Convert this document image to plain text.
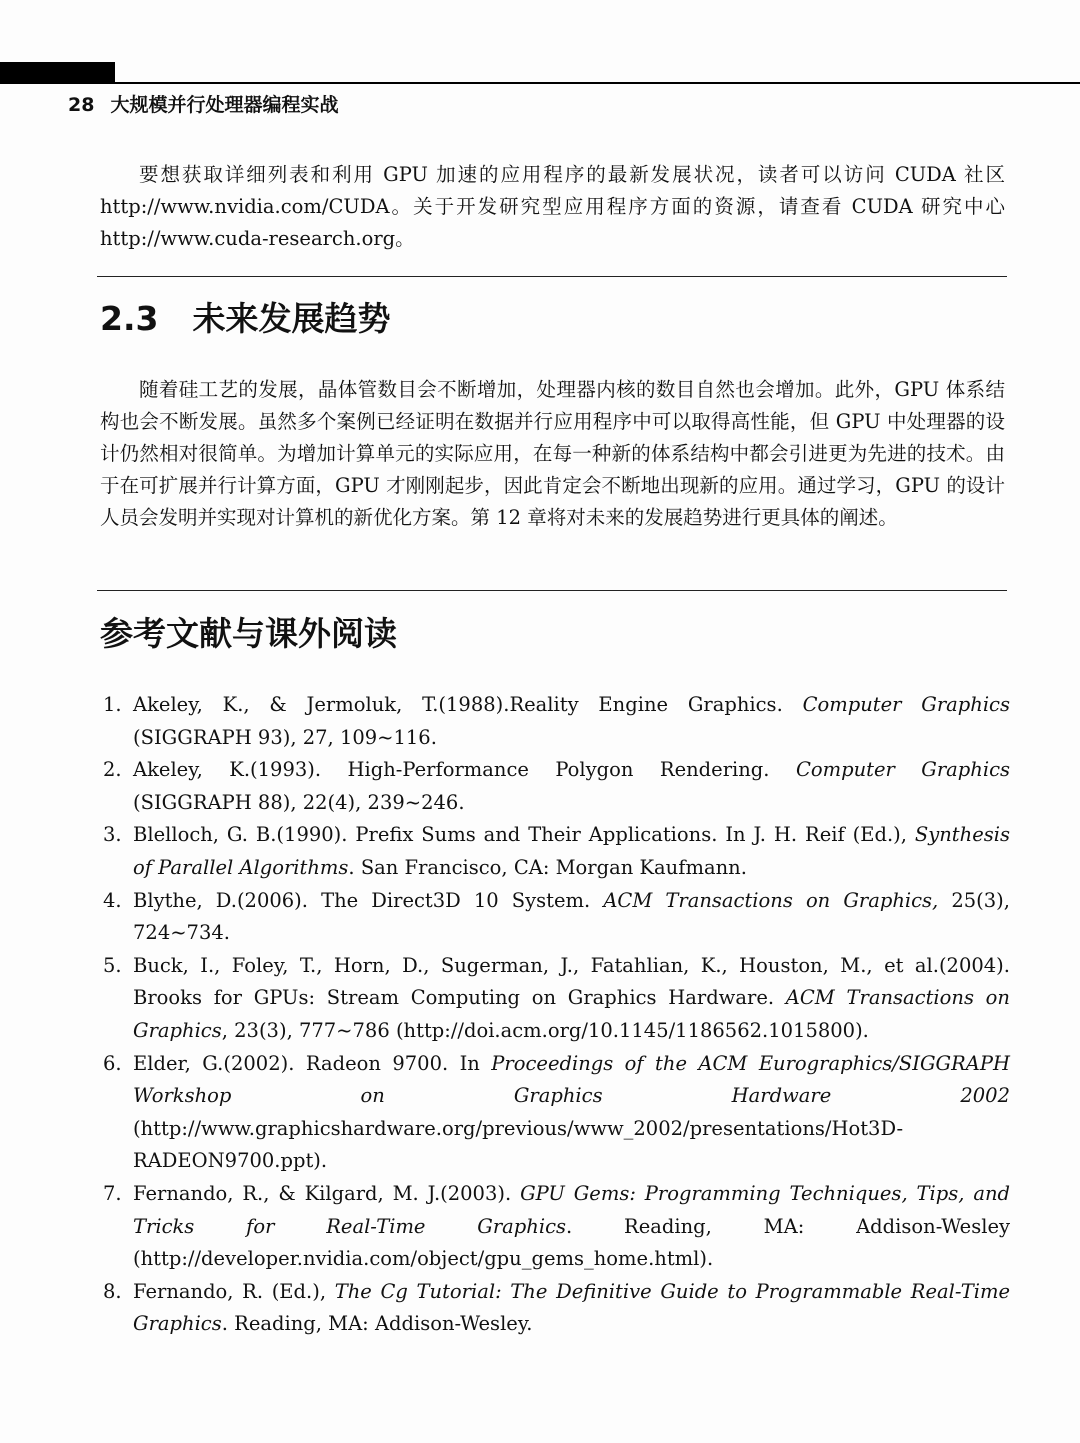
28 大规模并行处理器编程实战

要想获取详细列表和利用 GPU 加速的应用程序的最新发展状况，读者可以访问 CUDA 社区 http://www.nvidia.com/CUDA。关于开发研究型应用程序方面的资源，请查看 CUDA 研究中心 http://www.cuda-research.org。

2.3 未来发展趋势

随着硅工艺的发展，晶体管数目会不断增加，处理器内核的数目自然也会增加。此外，GPU 体系结构也会不断发展。虽然多个案例已经证明在数据并行应用程序中可以取得高性能，但 GPU 中处理器的设计仍然相对很简单。为增加计算单元的实际应用，在每一种新的体系结构中都会引进更为先进的技术。由于在可扩展并行计算方面，GPU 才刚刚起步，因此肯定会不断地出现新的应用。通过学习，GPU 的设计人员会发明并实现对计算机的新优化方案。第 12 章将对未来的发展趋势进行更具体的阐述。

参考文献与课外阅读
1. Akeley, K., & Jermoluk, T.(1988).Reality Engine Graphics. Computer Graphics (SIGGRAPH 93), 27, 109~116.
2. Akeley, K.(1993). High-Performance Polygon Rendering. Computer Graphics (SIGGRAPH 88), 22(4), 239~246.
3. Blelloch, G. B.(1990). Prefix Sums and Their Applications. In J. H. Reif (Ed.), Synthesis of Parallel Algorithms. San Francisco, CA: Morgan Kaufmann.
4. Blythe, D.(2006). The Direct3D 10 System. ACM Transactions on Graphics, 25(3), 724~734.
5. Buck, I., Foley, T., Horn, D., Sugerman, J., Fatahlian, K., Houston, M., et al.(2004). Brooks for GPUs: Stream Computing on Graphics Hardware. ACM Transactions on Graphics, 23(3), 777~786 (http://doi.acm.org/10.1145/1186562.1015800).
6. Elder, G.(2002). Radeon 9700. In Proceedings of the ACM Eurographics/SIGGRAPH Workshop on Graphics Hardware 2002 (http://www.graphicshardware.org/previous/www_2002/presentations/Hot3D-RADEON9700.ppt).
7. Fernando, R., & Kilgard, M. J.(2003). GPU Gems: Programming Techniques, Tips, and Tricks for Real-Time Graphics. Reading, MA: Addison-Wesley (http://developer.nvidia.com/object/gpu_gems_home.html).
8. Fernando, R. (Ed.), The Cg Tutorial: The Definitive Guide to Programmable Real-Time Graphics. Reading, MA: Addison-Wesley.
